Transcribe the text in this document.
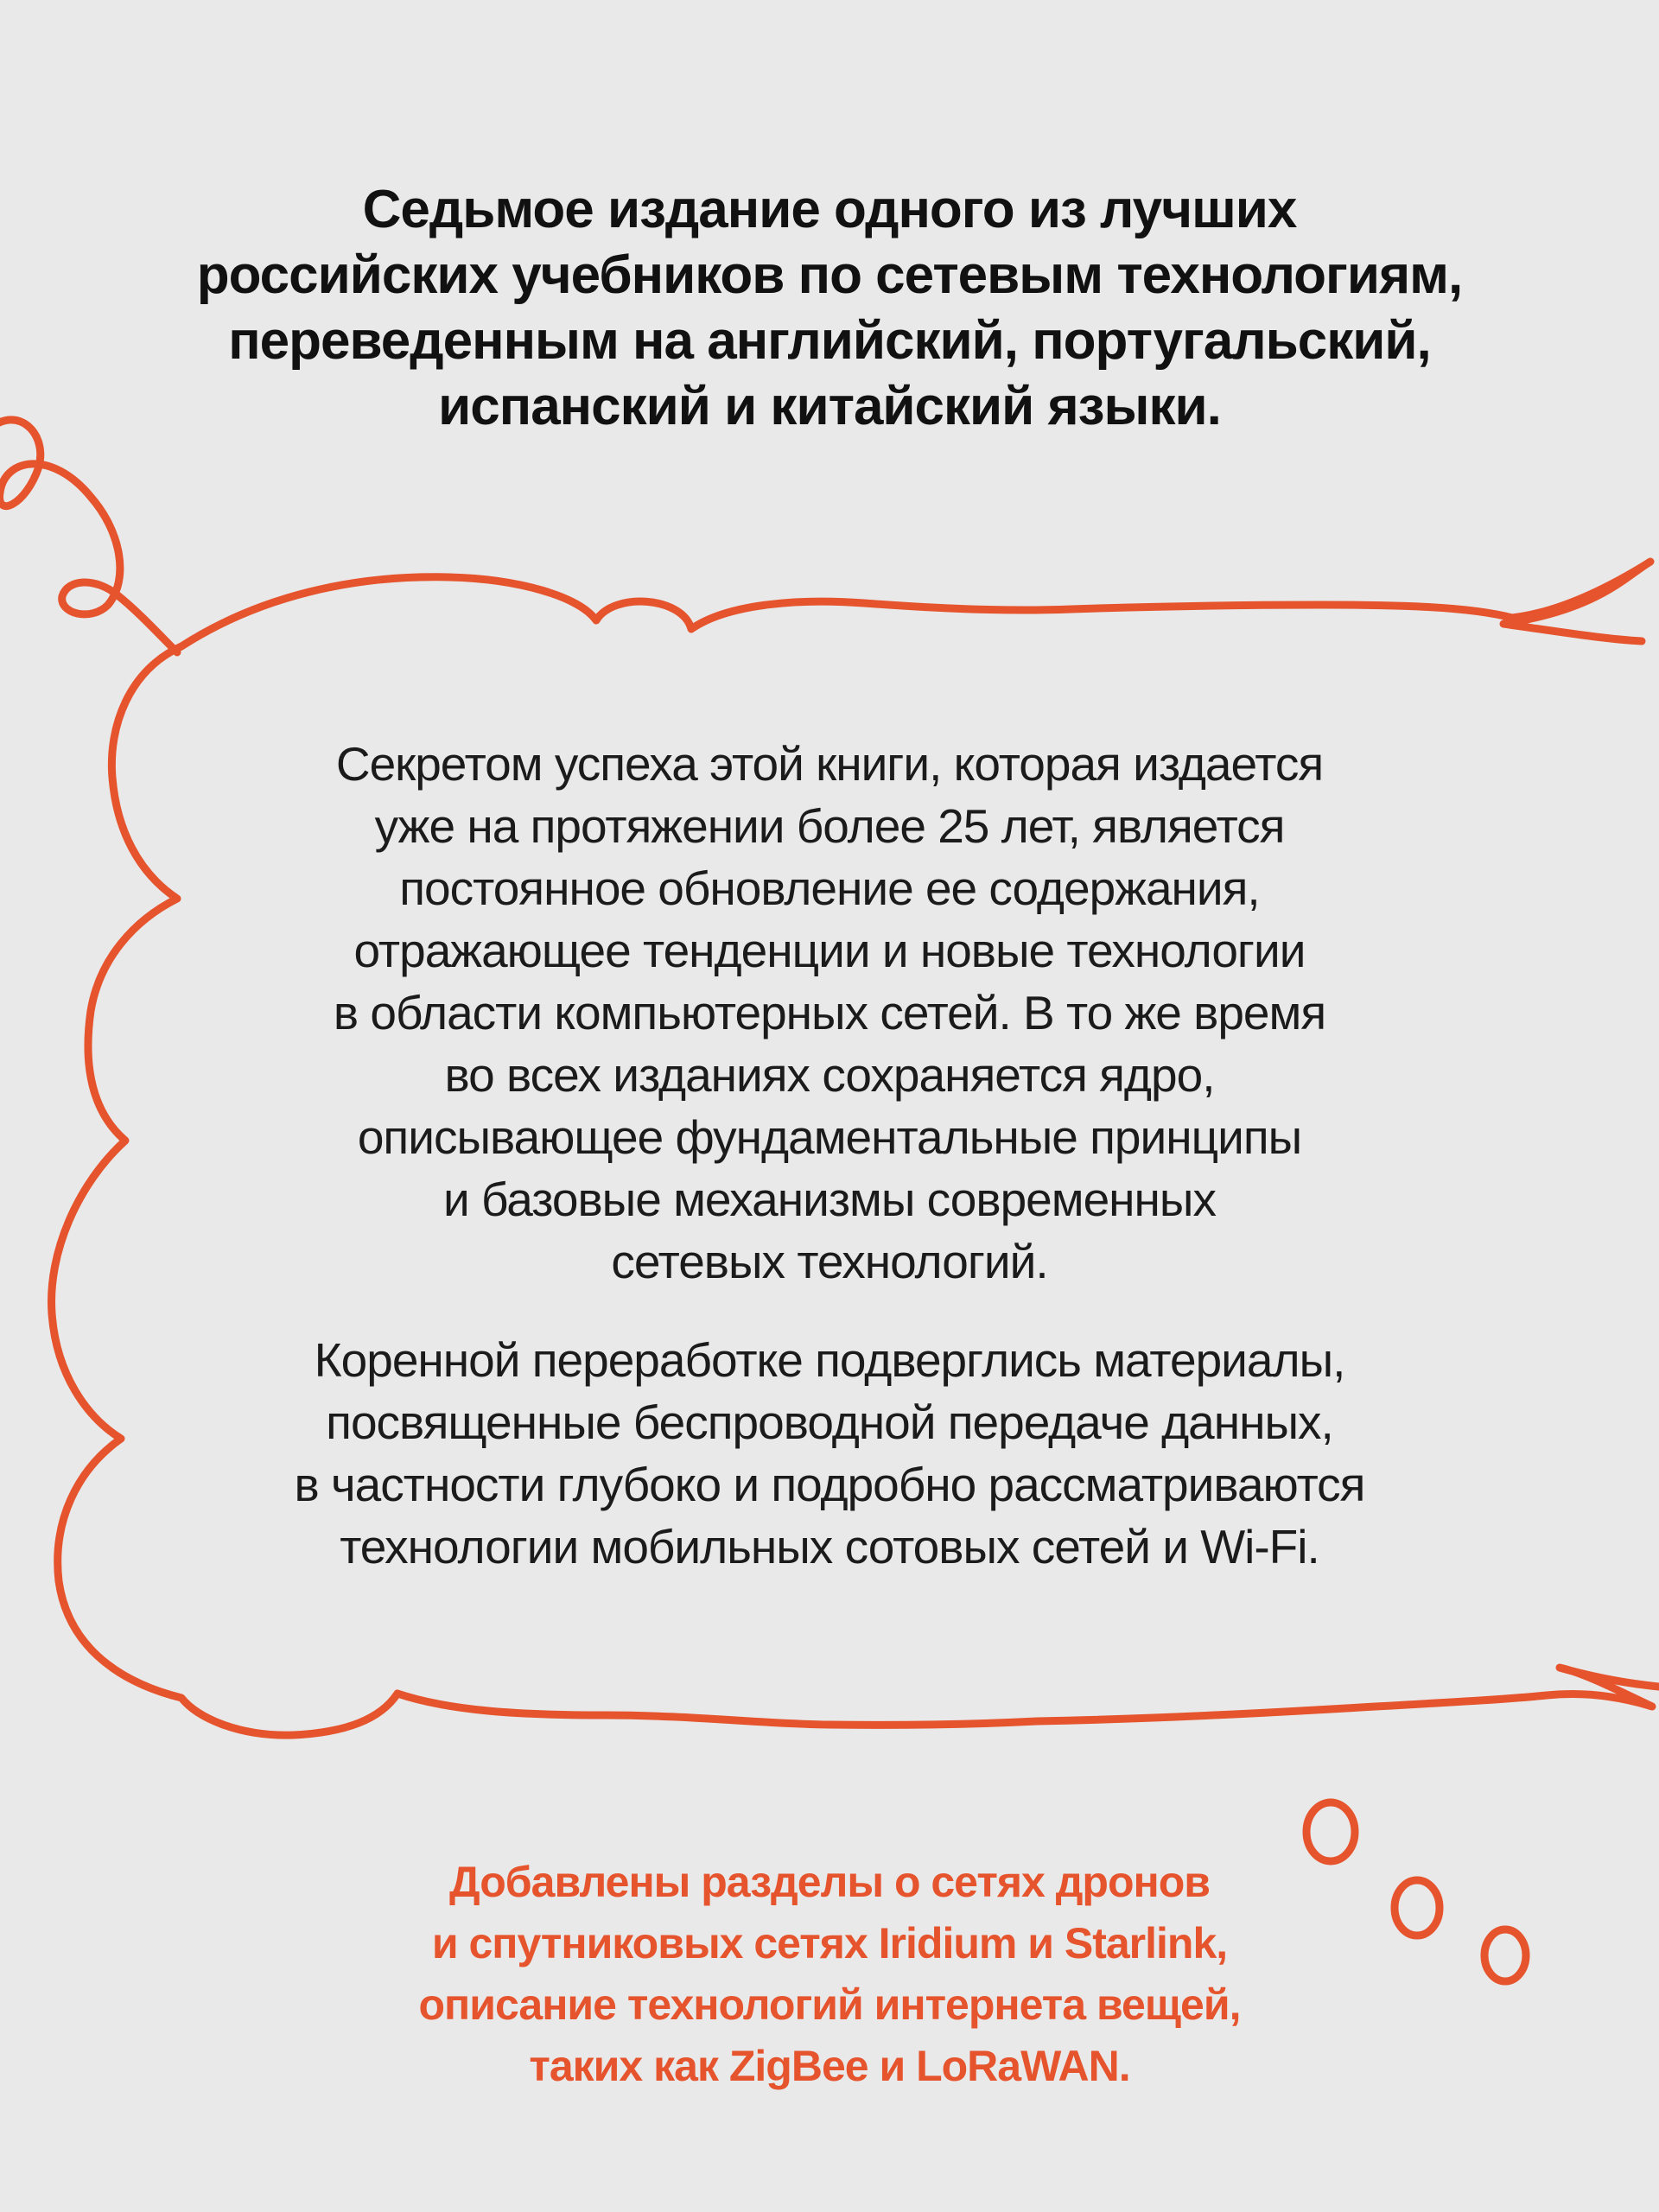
Седьмое издание одного из лучших
российских учебников по сетевым технологиям,
переведенным на английский, португальский,
испанский и китайский языки.
Секретом успеха этой книги, которая издается
уже на протяжении более 25 лет, является
постоянное обновление ее содержания,
отражающее тенденции и новые технологии
в области компьютерных сетей. В то же время
во всех изданиях сохраняется ядро,
описывающее фундаментальные принципы
и базовые механизмы современных
сетевых технологий.
Коренной переработке подверглись материалы,
посвященные беспроводной передаче данных,
в частности глубоко и подробно рассматриваются
технологии мобильных сотовых сетей и Wi-Fi.
Добавлены разделы о сетях дронов
и спутниковых сетях Iridium и Starlink,
описание технологий интернета вещей,
таких как ZigBee и LoRaWAN.
